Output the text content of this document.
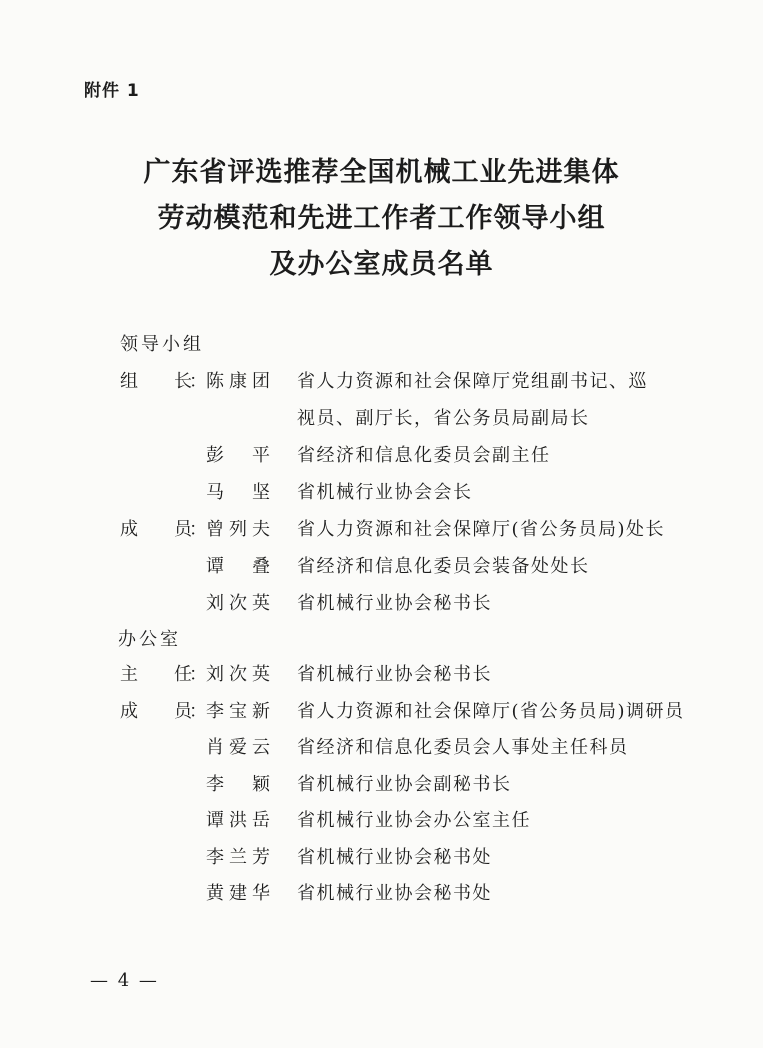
附件 1
广东省评选推荐全国机械工业先进集体
劳动模范和先进工作者工作领导小组
及办公室成员名单
领导小组
组长
： 陈康团 省人力资源和社会保障厅党组副书记、巡
视员、副厅长，省公务员局副局长
彭平 省经济和信息化委员会副主任
马坚 省机械行业协会会长
成员
： 曾列夫 省人力资源和社会保障厅(省公务员局)处长
谭叠 省经济和信息化委员会装备处处长
刘次英 省机械行业协会秘书长
办公室
主任
： 刘次英 省机械行业协会秘书长
成员
： 李宝新 省人力资源和社会保障厅(省公务员局)调研员
肖爱云 省经济和信息化委员会人事处主任科员
李颖 省机械行业协会副秘书长
谭洪岳 省机械行业协会办公室主任
李兰芳 省机械行业协会秘书处
黄建华 省机械行业协会秘书处
— 4 —
